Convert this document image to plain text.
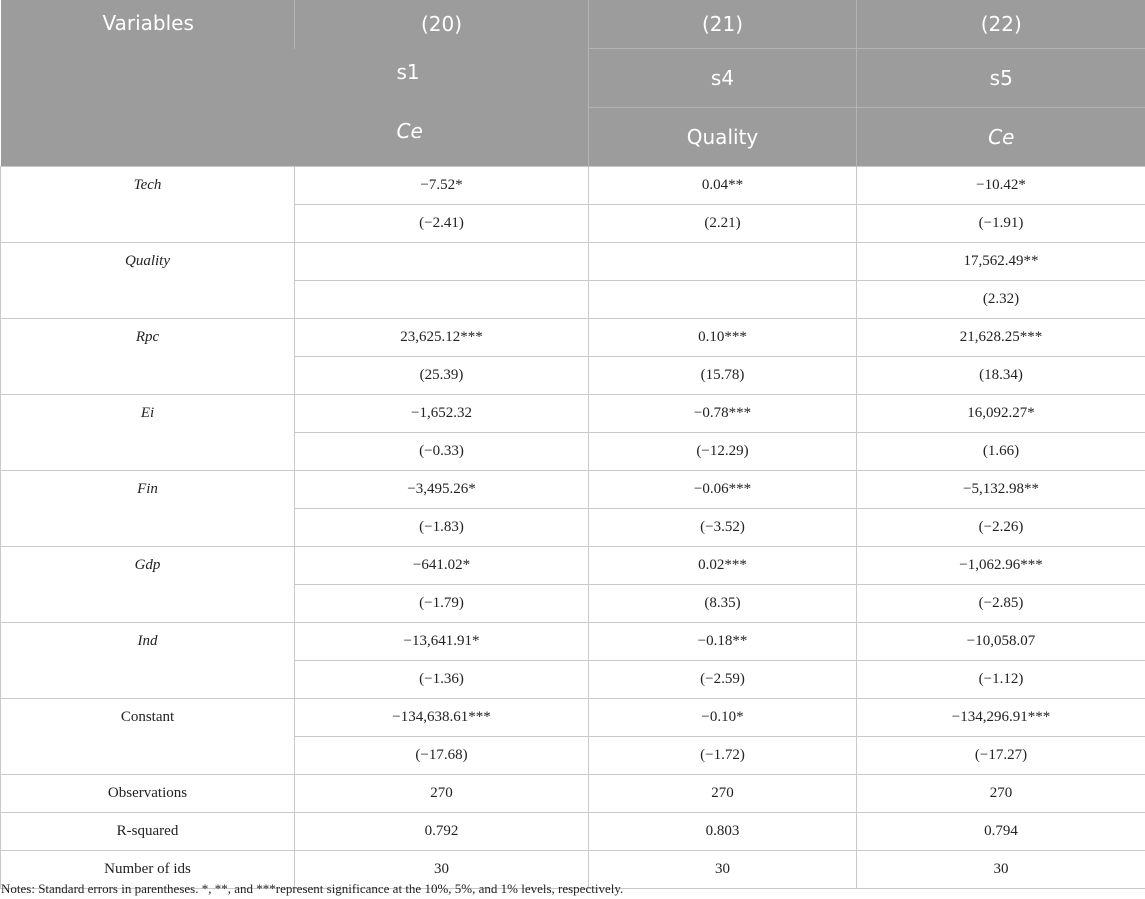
Variables	(20)	(21)	(22)
	s1	s4	s5
	Ce	Quality	Ce
Tech	−7.52*	0.04**	−10.42*
	(−2.41)	(2.21)	(−1.91)
Quality			17,562.49**
			(2.32)
Rpc	23,625.12***	0.10***	21,628.25***
	(25.39)	(15.78)	(18.34)
Ei	−1,652.32	−0.78***	16,092.27*
	(−0.33)	(−12.29)	(1.66)
Fin	−3,495.26*	−0.06***	−5,132.98**
	(−1.83)	(−3.52)	(−2.26)
Gdp	−641.02*	0.02***	−1,062.96***
	(−1.79)	(8.35)	(−2.85)
Ind	−13,641.91*	−0.18**	−10,058.07
	(−1.36)	(−2.59)	(−1.12)
Constant	−134,638.61***	−0.10*	−134,296.91***
	(−17.68)	(−1.72)	(−17.27)
Observations	270	270	270
R-squared	0.792	0.803	0.794
Number of ids	30	30	30
Notes: Standard errors in parentheses. *, **, and ***represent significance at the 10%, 5%, and 1% levels, respectively.
